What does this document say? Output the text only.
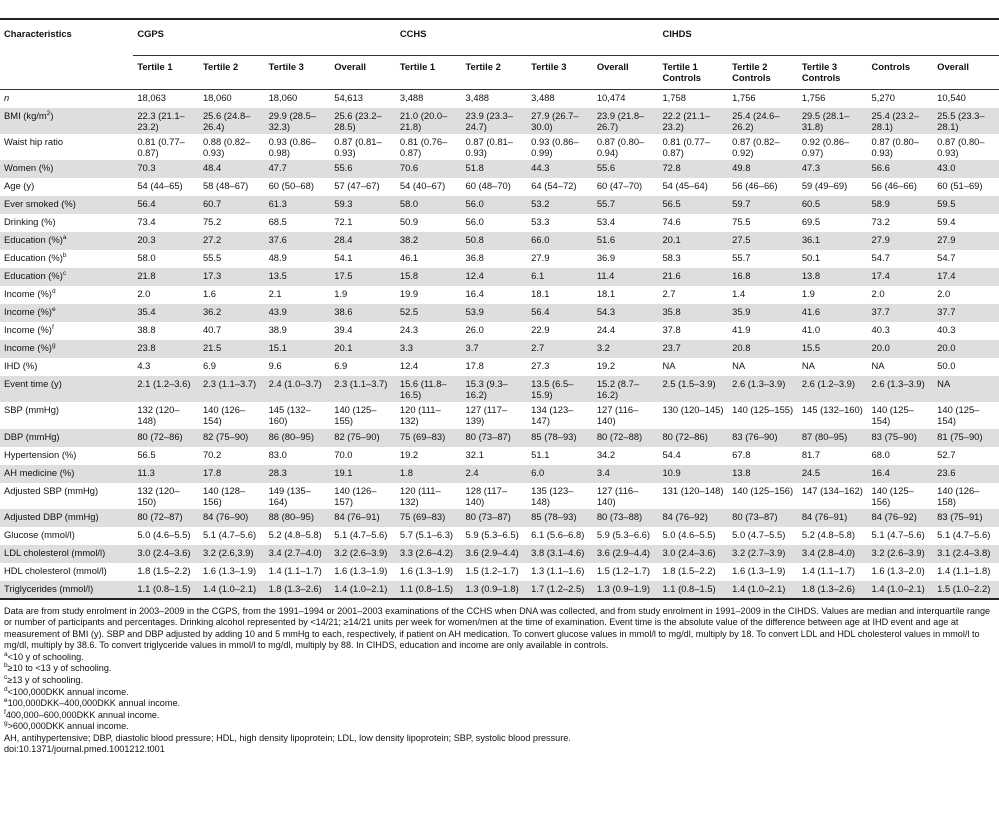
Characteristics	CGPS				CCHS				CIHDS				
	Tertile 1	Tertile 2	Tertile 3	Overall	Tertile 1	Tertile 2	Tertile 3	Overall	Tertile 1 Controls	Tertile 2 Controls	Tertile 3 Controls	Controls	Overall
n	18,063	18,060	18,060	54,613	3,488	3,488	3,488	10,474	1,758	1,756	1,756	5,270	10,540
BMI $(kg/m^2)$	22.3 (21.1–23.2)	25.6 (24.8–26.4)	29.9 (28.5–32.3)	25.6 (23.2–28.5)	21.0 (20.0–21.8)	23.9 (23.3–24.7)	27.9 (26.7–30.0)	23.9 (21.8–26.7)	22.2 (21.1–23.2)	25.4 (24.6–26.2)	29.5 (28.1–31.8)	25.4 (23.2–28.1)	25.5 (23.3–28.1)
Waist hip ratio	0.81 (0.77–0.87)	0.88 (0.82–0.93)	0.93 (0.86–0.98)	0.87 (0.81–0.93)	0.81 (0.76–0.87)	0.87 (0.81–0.93)	0.93 (0.86–0.99)	0.87 (0.80–0.94)	0.81 (0.77–0.87)	0.87 (0.82–0.92)	0.92 (0.86–0.97)	0.87 (0.80–0.93)	0.87 (0.80–0.93)
Women (%)	70.3	48.4	47.7	55.6	70.6	51.8	44.3	55.6	72.8	49.8	47.3	56.6	43.0
Age (y)	54 (44–65)	58 (48–67)	60 (50–68)	57 (47–67)	54 (40–67)	60 (48–70)	64 (54–72)	60 (47–70)	54 (45–64)	56 (46–66)	59 (49–69)	56 (46–66)	60 (51–69)
Ever smoked (%)	56.4	60.7	61.3	59.3	58.0	56.0	53.2	55.7	56.5	59.7	60.5	58.9	59.5
Drinking (%)	73.4	75.2	68.5	72.1	50.9	56.0	53.3	53.4	74.6	75.5	69.5	73.2	59.4
Education (%)$^a$	20.3	27.2	37.6	28.4	38.2	50.8	66.0	51.6	20.1	27.5	36.1	27.9	27.9
Education (%)$^b$	58.0	55.5	48.9	54.1	46.1	36.8	27.9	36.9	58.3	55.7	50.1	54.7	54.7
Education (%)$^c$	21.8	17.3	13.5	17.5	15.8	12.4	6.1	11.4	21.6	16.8	13.8	17.4	17.4
Income (%)$^d$	2.0	1.6	2.1	1.9	19.9	16.4	18.1	18.1	2.7	1.4	1.9	2.0	2.0
Income (%)$^e$	35.4	36.2	43.9	38.6	52.5	53.9	56.4	54.3	35.8	35.9	41.6	37.7	37.7
Income (%)$^f$	38.8	40.7	38.9	39.4	24.3	26.0	22.9	24.4	37.8	41.9	41.0	40.3	40.3
Income (%)$^g$	23.8	21.5	15.1	20.1	3.3	3.7	2.7	3.2	23.7	20.8	15.5	20.0	20.0
IHD (%)	4.3	6.9	9.6	6.9	12.4	17.8	27.3	19.2	NA	NA	NA	NA	50.0
Event time (y)	2.1 (1.2–3.6)	2.3 (1.1–3.7)	2.4 (1.0–3.7)	2.3 (1.1–3.7)	15.6 (11.8–16.5)	15.3 (9.3–16.2)	13.5 (6.5–15.9)	15.2 (8.7–16.2)	2.5 (1.5–3.9)	2.6 (1.3–3.9)	2.6 (1.2–3.9)	2.6 (1.3–3.9)	NA
SBP (mmHg)	132 (120–148)	140 (126–154)	145 (132–160)	140 (125–155)	120 (111–132)	127 (117–139)	134 (123–147)	127 (116–140)	130 (120–145)	140 (125–155)	145 (132–160)	140 (125–154)	140 (125–154)
DBP (mmHg)	80 (72–86)	82 (75–90)	86 (80–95)	82 (75–90)	75 (69–83)	80 (73–87)	85 (78–93)	80 (72–88)	80 (72–86)	83 (76–90)	87 (80–95)	83 (75–90)	81 (75–90)
Hypertension (%)	56.5	70.2	83.0	70.0	19.2	32.1	51.1	34.2	54.4	67.8	81.7	68.0	52.7
AH medicine (%)	11.3	17.8	28.3	19.1	1.8	2.4	6.0	3.4	10.9	13.8	24.5	16.4	23.6
Adjusted SBP (mmHg)	132 (120–150)	140 (128–156)	149 (135–164)	140 (126–157)	120 (111–132)	128 (117–140)	135 (123–148)	127 (116–140)	131 (120–148)	140 (125–156)	147 (134–162)	140 (125–156)	140 (126–158)
Adjusted DBP (mmHg)	80 (72–87)	84 (76–90)	88 (80–95)	84 (76–91)	75 (69–83)	80 (73–87)	85 (78–93)	80 (73–88)	84 (76–92)	80 (73–87)	84 (76–91)	84 (76–92)	83 (75–91)
Glucose (mmol/l)	5.0 (4.6–5.5)	5.1 (4.7–5.6)	5.2 (4.8–5.8)	5.1 (4.7–5.6)	5.7 (5.1–6.3)	5.9 (5.3–6.5)	6.1 (5.6–6.8)	5.9 (5.3–6.6)	5.0 (4.6–5.5)	5.0 (4.7–5.5)	5.2 (4.8–5.8)	5.1 (4.7–5.6)	5.1 (4.7–5.6)
LDL cholesterol (mmol/l)	3.0 (2.4–3.6)	3.2 (2.6,3.9)	3.4 (2.7–4.0)	3.2 (2.6–3.9)	3.3 (2.6–4.2)	3.6 (2.9–4.4)	3.8 (3.1–4.6)	3.6 (2.9–4.4)	3.0 (2.4–3.6)	3.2 (2.7–3.9)	3.4 (2.8–4.0)	3.2 (2.6–3.9)	3.1 (2.4–3.8)
HDL cholesterol (mmol/l)	1.8 (1.5–2.2)	1.6 (1.3–1.9)	1.4 (1.1–1.7)	1.6 (1.3–1.9)	1.6 (1.3–1.9)	1.5 (1.2–1.7)	1.3 (1.1–1.6)	1.5 (1.2–1.7)	1.8 (1.5–2.2)	1.6 (1.3–1.9)	1.4 (1.1–1.7)	1.6 (1.3–2.0)	1.4 (1.1–1.8)
Triglycerides (mmol/l)	1.1 (0.8–1.5)	1.4 (1.0–2.1)	1.8 (1.3–2.6)	1.4 (1.0–2.1)	1.1 (0.8–1.5)	1.3 (0.9–1.8)	1.7 (1.2–2.5)	1.3 (0.9–1.9)	1.1 (0.8–1.5)	1.4 (1.0–2.1)	1.8 (1.3–2.6)	1.4 (1.0–2.1)	1.5 (1.0–2.2)

Data are from study enrolment in 2003–2009 in the CGPS, from the 1991–1994 or 2001–2003 examinations of the CCHS when DNA was collected, and from study enrolment in 1991–2009 in the CIHDS. Values are median and interquartile range or number of participants and percentages. Drinking alcohol represented by <14/21; ≥14/21 units per week for women/men at the time of examination. Event time is the absolute value of the difference between age at IHD event and age at measurement of BMI (y). SBP and DBP adjusted by adding 10 and 5 mmHg to each, respectively, if patient on AH medication. To convert glucose values in mmol/l to mg/dl, multiply by 18. To convert LDL and HDL cholesterol values in mmol/l to mg/dl, multiply by 38.6. To convert triglyceride values in mmol/l to mg/dl, multiply by 88. In CIHDS, education and income are only available in controls.

$^a$<10 y of schooling.

$^b$≥10 to <13 y of schooling.

$^c$≥13 y of schooling.

$^d$<100,000DKK annual income.

$^e$100,000DKK–400,000DKK annual income.

$^f$400,000–600,000DKK annual income.

$^g$>600,000DKK annual income.

AH, antihypertensive; DBP, diastolic blood pressure; HDL, high density lipoprotein; LDL, low density lipoprotein; SBP, systolic blood pressure.

doi:10.1371/journal.pmed.1001212.t001
